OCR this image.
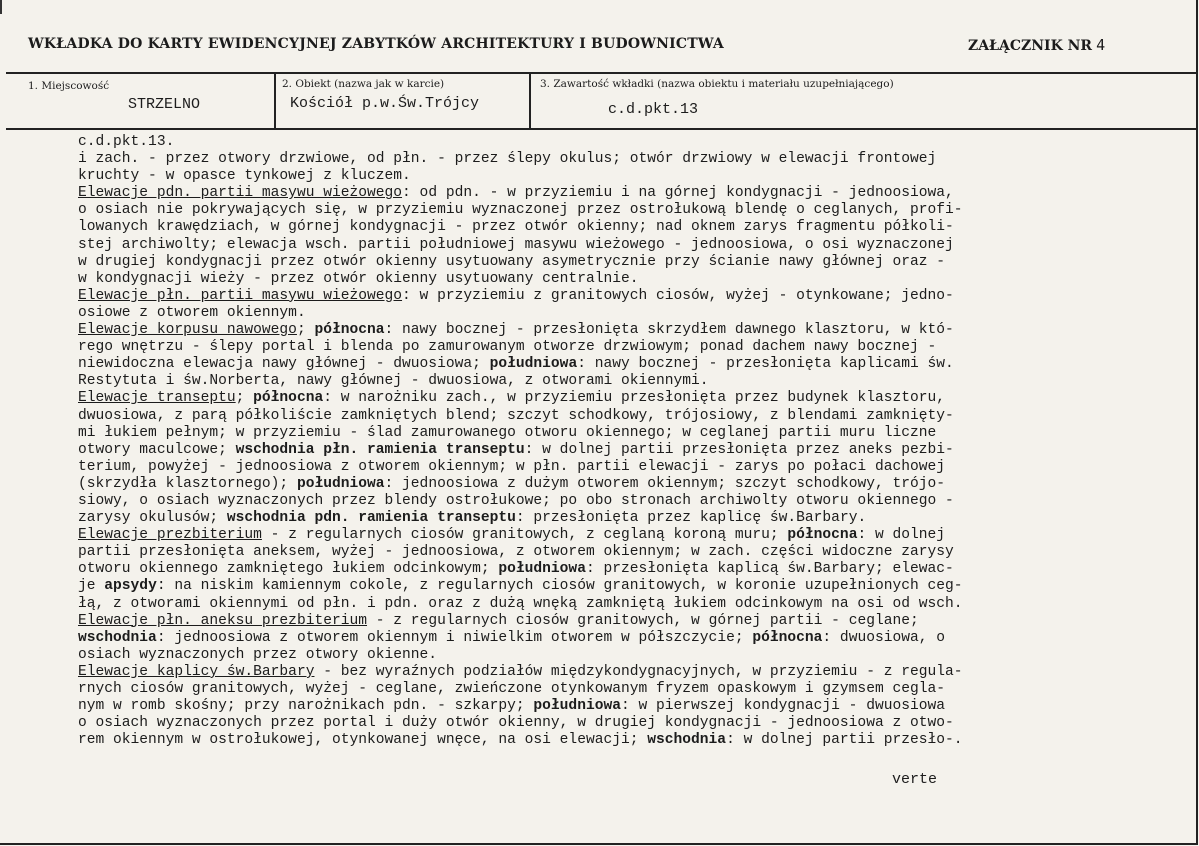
WKŁADKA DO KARTY EWIDENCYJNEJ ZABYTKÓW ARCHITEKTURY I BUDOWNICTWA	ZAŁĄCZNIK NR 4
1. Miejscowość
STRZELNO
2. Obiekt (nazwa jak w karcie)
Kościół p.w.Św.Trójcy
3. Zawartość wkładki (nazwa obiektu i materiału uzupełniającego)
c.d.pkt.13
c.d.pkt.13.
i zach. - przez otwory drzwiowe, od płn. - przez ślepy okulus; otwór drzwiowy w elewacji frontowej
kruchty - w opasce tynkowej z kluczem.
Elewacje pdn. partii masywu wieżowego: od pdn. - w przyziemiu i na górnej kondygnacji - jednoosiowa,
o osiach nie pokrywających się, w przyziemiu wyznaczonej przez ostrołukową blendę o ceglanych, profi-
lowanych krawędziach, w górnej kondygnacji - przez otwór okienny; nad oknem zarys fragmentu półkoli-
stej archiwolty; elewacja wsch. partii południowej masywu wieżowego - jednoosiowa, o osi wyznaczonej
w drugiej kondygnacji przez otwór okienny usytuowany asymetrycznie przy ścianie nawy głównej oraz -
w kondygnacji wieży - przez otwór okienny usytuowany centralnie.
Elewacje płn. partii masywu wieżowego: w przyziemiu z granitowych ciosów, wyżej - otynkowane; jedno-
osiowe z otworem okiennym.
Elewacje korpusu nawowego; północna: nawy bocznej - przesłonięta skrzydłem dawnego klasztoru, w któ-
rego wnętrzu - ślepy portal i blenda po zamurowanym otworze drzwiowym; ponad dachem nawy bocznej -
niewidoczna elewacja nawy głównej - dwuosiowa; południowa: nawy bocznej - przesłonięta kaplicami św.
Restytuta i św.Norberta, nawy głównej - dwuosiowa, z otworami okiennymi.
Elewacje transeptu; północna: w narożniku zach., w przyziemiu przesłonięta przez budynek klasztoru,
dwuosiowa, z parą półkoliście zamkniętych blend; szczyt schodkowy, trójosiowy, z blendami zamknięty-
mi łukiem pełnym; w przyziemiu - ślad zamurowanego otworu okiennego; w ceglanej partii muru liczne
otwory maculcowe; wschodnia płn. ramienia transeptu: w dolnej partii przesłonięta przez aneks pezbi-
terium, powyżej - jednoosiowa z otworem okiennym; w płn. partii elewacji - zarys po połaci dachowej
(skrzydła klasztornego); południowa: jednoosiowa z dużym otworem okiennym; szczyt schodkowy, trójo-
siowy, o osiach wyznaczonych przez blendy ostrołukowe; po obo stronach archiwolty otworu okiennego -
zarysy okulusów; wschodnia pdn. ramienia transeptu: przesłonięta przez kaplicę św.Barbary.
Elewacje prezbiterium - z regularnych ciosów granitowych, z ceglaną koroną muru; północna: w dolnej
partii przesłonięta aneksem, wyżej - jednoosiowa, z otworem okiennym; w zach. części widoczne zarysy
otworu okiennego zamkniętego łukiem odcinkowym; południowa: przesłonięta kaplicą św.Barbary; elewac-
je apsydy: na niskim kamiennym cokole, z regularnych ciosów granitowych, w koronie uzupełnionych ceg-
łą, z otworami okiennymi od płn. i pdn. oraz z dużą wnęką zamkniętą łukiem odcinkowym na osi od wsch.
Elewacje płn. aneksu prezbiterium - z regularnych ciosów granitowych, w górnej partii - ceglane;
wschodnia: jednoosiowa z otworem okiennym i niwielkim otworem w półszczycie; północna: dwuosiowa, o
osiach wyznaczonych przez otwory okienne.
Elewacje kaplicy św.Barbary - bez wyraźnych podziałów międzykondygnacyjnych, w przyziemiu - z regula-
rnych ciosów granitowych, wyżej - ceglane, zwieńczone otynkowanym fryzem opaskowym i gzymsem cegla-
nym w romb skośny; przy narożnikach pdn. - szkarpy; południowa: w pierwszej kondygnacji - dwuosiowa
o osiach wyznaczonych przez portal i duży otwór okienny, w drugiej kondygnacji - jednoosiowa z otwo-
rem okiennym w ostrołukowej, otynkowanej wnęce, na osi elewacji; wschodnia: w dolnej partii przesło-.
verte
